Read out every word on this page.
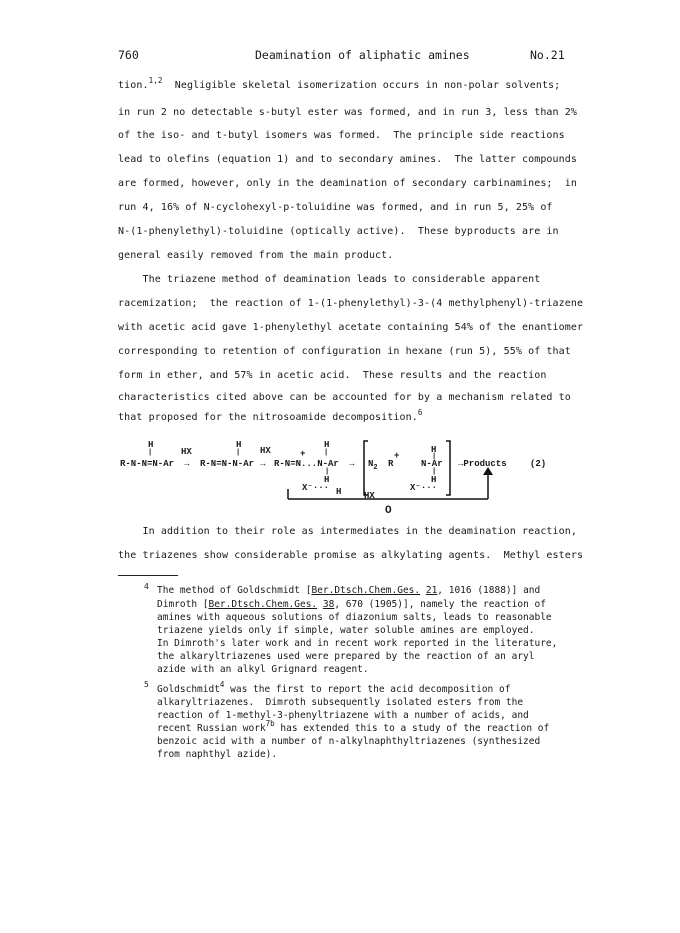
760	Deamination of aliphatic amines	No.21
tion.$^{1,2}$  Negligible skeletal isomerization occurs in non-polar solvents;
in run 2 no detectable s-butyl ester was formed, and in run 3, less than 2%
of the iso- and t-butyl isomers was formed.  The principle side reactions
lead to olefins (equation 1) and to secondary amines.  The latter compounds
are formed, however, only in the deamination of secondary carbinamines;  in
run 4, 16% of N-cyclohexyl-p-toluidine was formed, and in run 5, 25% of
N-(1-phenylethyl)-toluidine (optically active).  These byproducts are in
general easily removed from the main product.
The triazene method of deamination leads to considerable apparent
racemization;  the reaction of 1-(1-phenylethyl)-3-(4 methylphenyl)-triazene
with acetic acid gave 1-phenylethyl acetate containing 54% of the enantiomer
corresponding to retention of configuration in hexane (run 5), 55% of that
form in ether, and 57% in acetic acid.  These results and the reaction
characteristics cited above can be accounted for by a mechanism related to
that proposed for the nitrosoamide decomposition.$^6$
H
|
R-N-N=N-Ar
HX
→
H
|
R-N=N-N-Ar
HX
→
+
H
|
R-N=N...N-Ar
|
H
X⁻···
→ $N_2$ R
+
H
|
N-Ar
|
H
X⁻···
H	HX
→Products	(2)
O
In addition to their role as intermediates in the deamination reaction,
the triazenes show considerable promise as alkylating agents.  Methyl esters
4 The method of Goldschmidt [Ber.Dtsch.Chem.Ges. 21, 1016 (1888)] and
Dimroth [Ber.Dtsch.Chem.Ges. 38, 670 (1905)], namely the reaction of
amines with aqueous solutions of diazonium salts, leads to reasonable
triazene yields only if simple, water soluble amines are employed.
In Dimroth's later work and in recent work reported in the literature,
the alkaryltriazenes used were prepared by the reaction of an aryl
azide with an alkyl Grignard reagent.
5 Goldschmidt$^4$ was the first to report the acid decomposition of
alkaryltriazenes.  Dimroth subsequently isolated esters from the
reaction of 1-methyl-3-phenyltriazene with a number of acids, and
recent Russian work$^{7b}$ has extended this to a study of the reaction of
benzoic acid with a number of n-alkylnaphthyltriazenes (synthesized
from naphthyl azide).
